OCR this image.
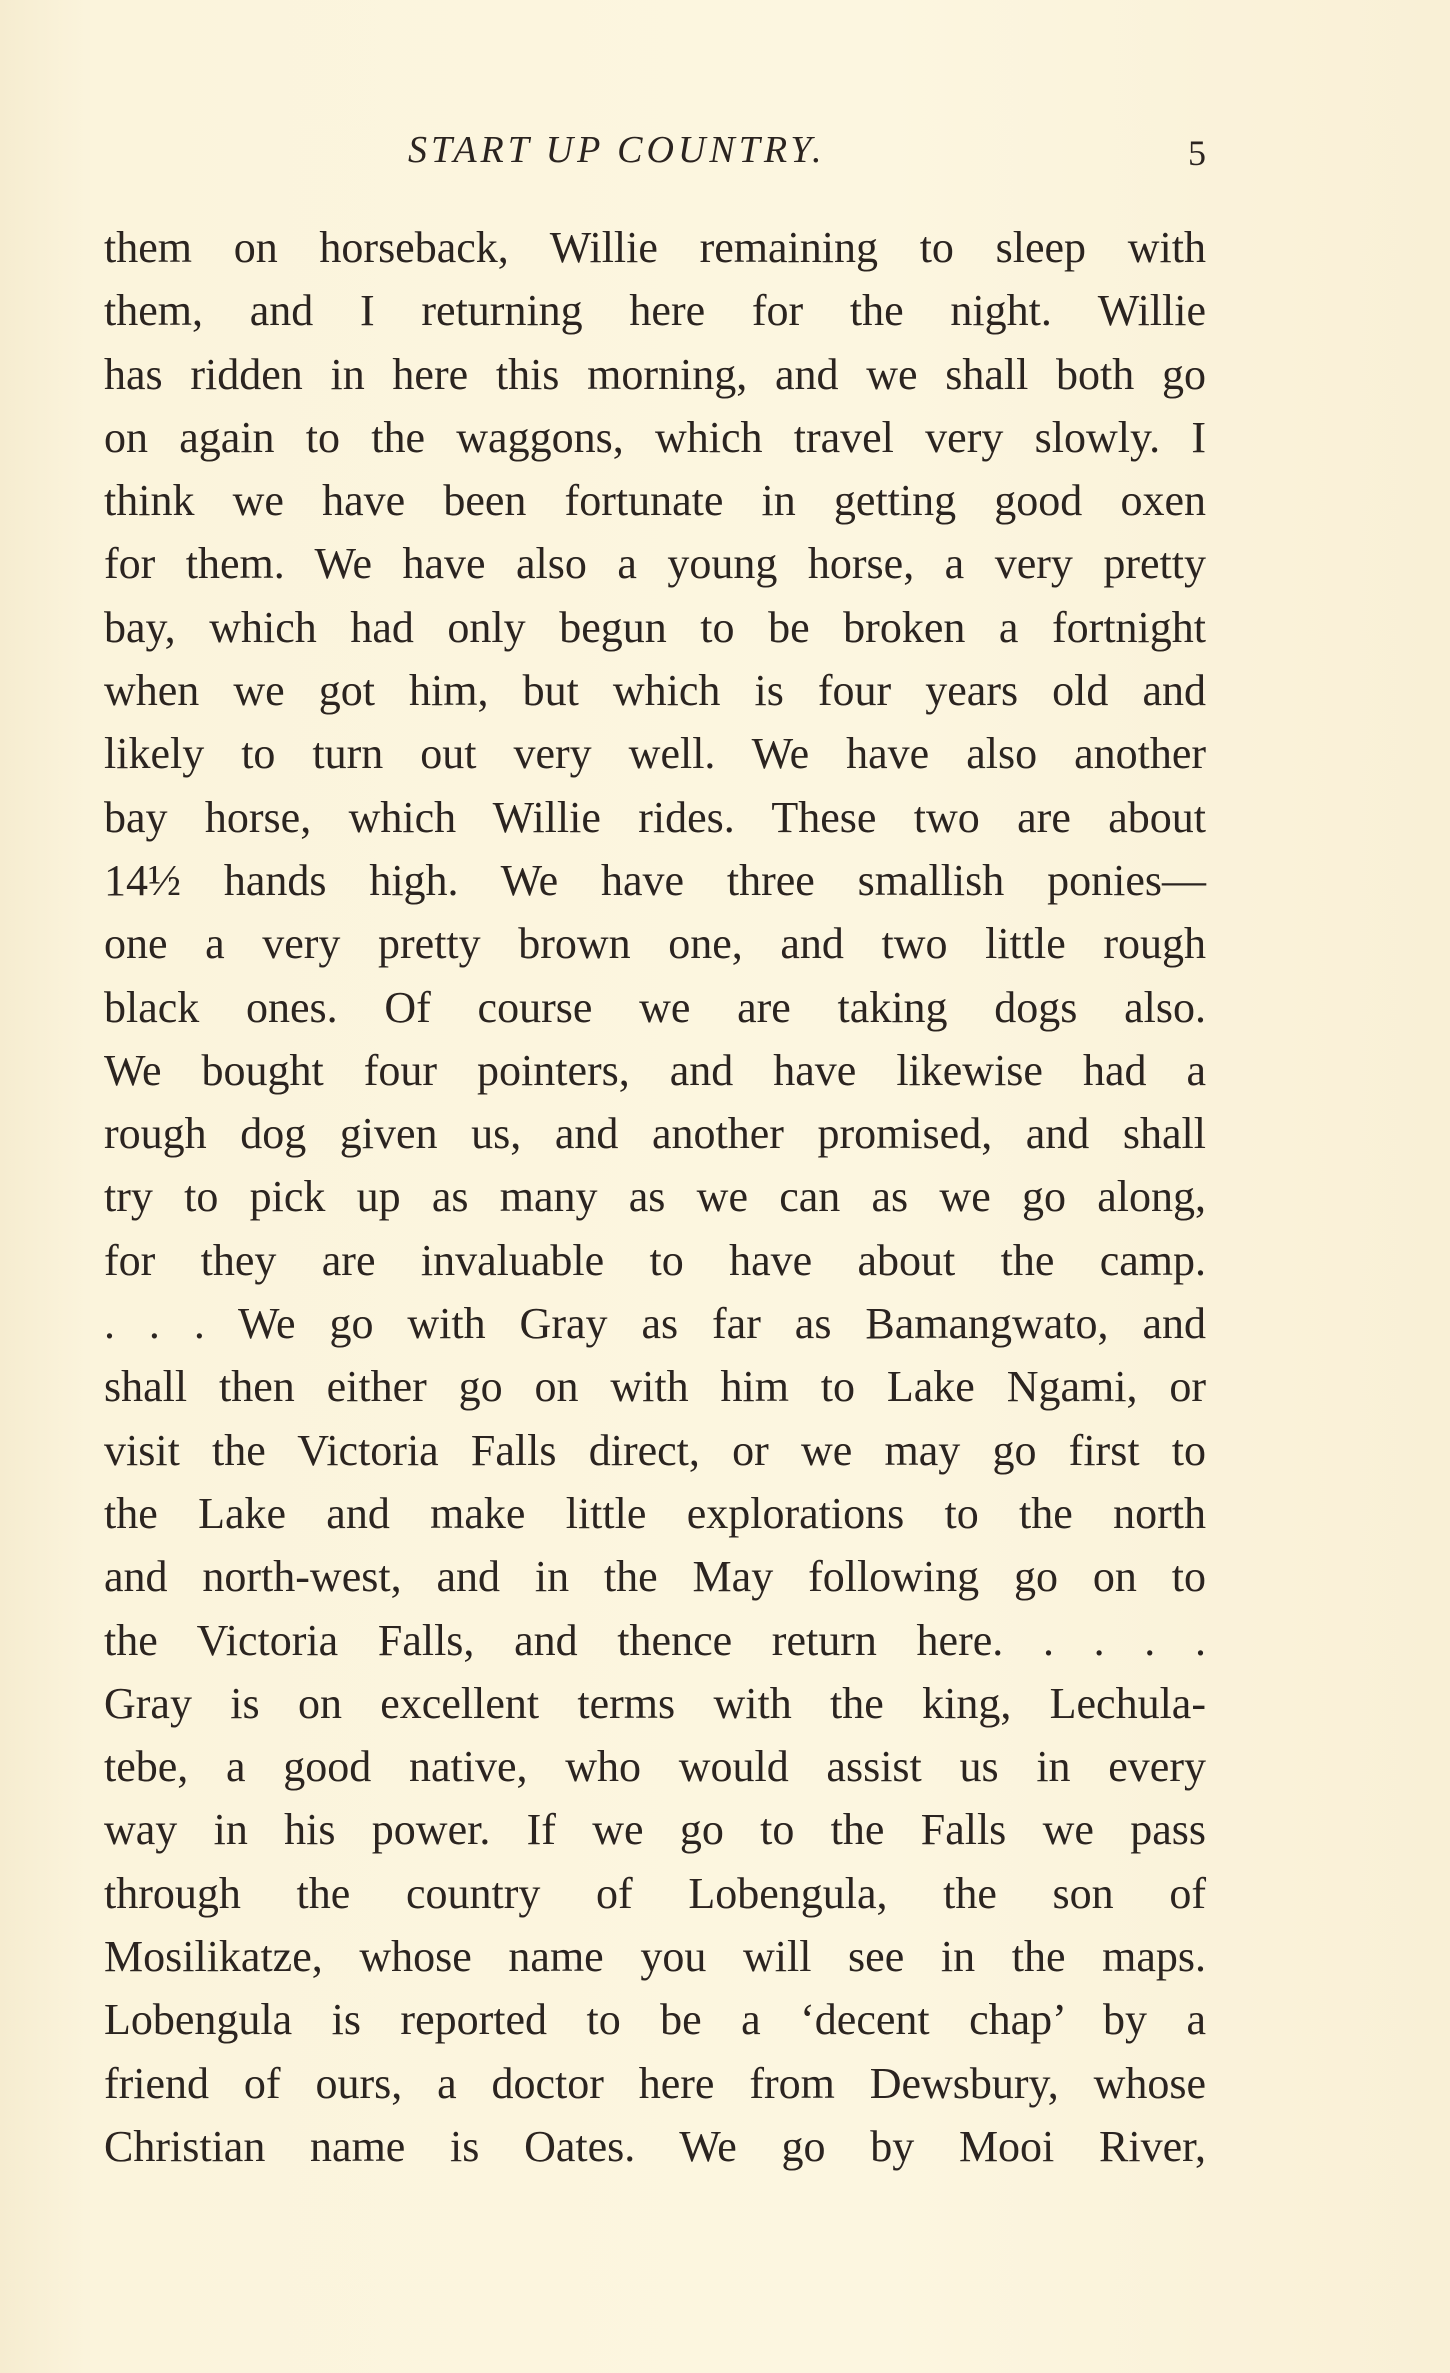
START UP COUNTRY.	5
them on horseback, Willie remaining to sleep with
them, and I returning here for the night. Willie
has ridden in here this morning, and we shall both go
on again to the waggons, which travel very slowly. I
think we have been fortunate in getting good oxen
for them. We have also a young horse, a very pretty
bay, which had only begun to be broken a fortnight
when we got him, but which is four years old and
likely to turn out very well. We have also another
bay horse, which Willie rides. These two are about
14½ hands high. We have three smallish ponies—
one a very pretty brown one, and two little rough
black ones. Of course we are taking dogs also.
We bought four pointers, and have likewise had a
rough dog given us, and another promised, and shall
try to pick up as many as we can as we go along,
for they are invaluable to have about the camp.
. . . We go with Gray as far as Bamangwato, and
shall then either go on with him to Lake Ngami, or
visit the Victoria Falls direct, or we may go first to
the Lake and make little explorations to the north
and north-west, and in the May following go on to
the Victoria Falls, and thence return here. . . . .
Gray is on excellent terms with the king, Lechula-
tebe, a good native, who would assist us in every
way in his power. If we go to the Falls we pass
through the country of Lobengula, the son of
Mosilikatze, whose name you will see in the maps.
Lobengula is reported to be a ‘decent chap’ by a
friend of ours, a doctor here from Dewsbury, whose
Christian name is Oates. We go by Mooi River,
